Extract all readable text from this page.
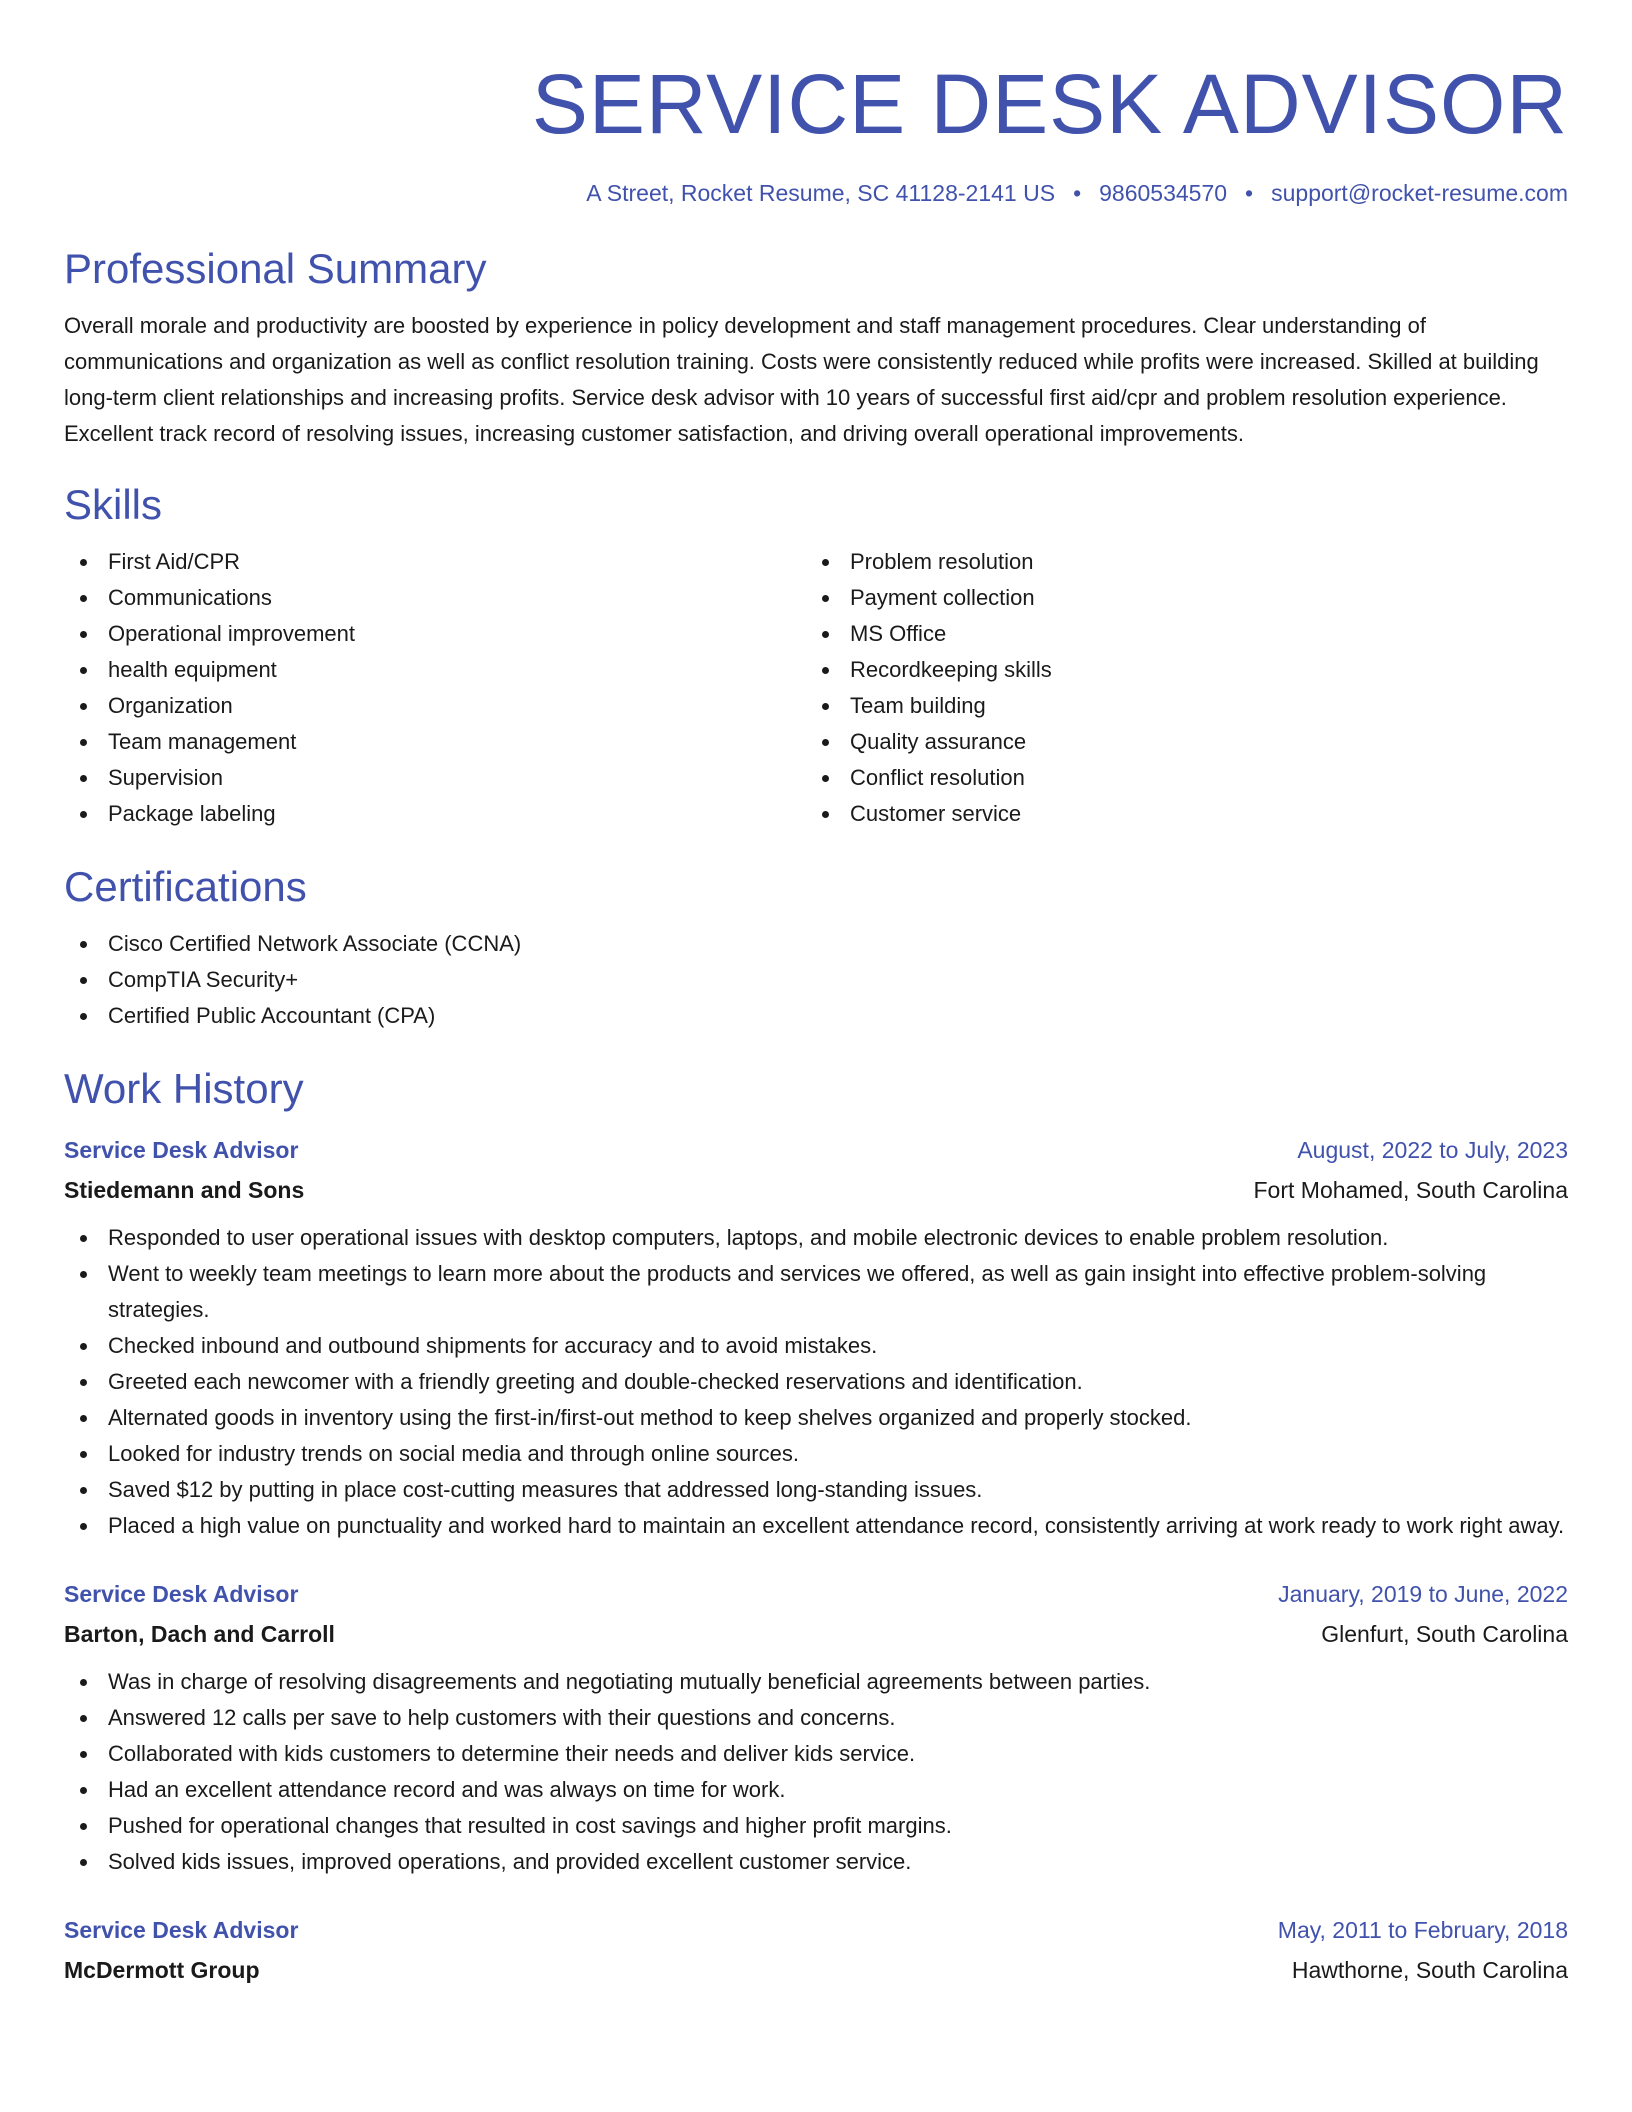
SERVICE DESK ADVISOR
A Street, Rocket Resume, SC 41128-2141 US • 9860534570 • support@rocket-resume.com
Professional Summary

Overall morale and productivity are boosted by experience in policy development and staff management procedures. Clear understanding of communications and organization as well as conflict resolution training. Costs were consistently reduced while profits were increased. Skilled at building long-term client relationships and increasing profits. Service desk advisor with 10 years of successful first aid/cpr and problem resolution experience. Excellent track record of resolving issues, increasing customer satisfaction, and driving overall operational improvements.

Skills
First Aid/CPR
Communications
Operational improvement
health equipment
Organization
Team management
Supervision
Package labeling
Problem resolution
Payment collection
MS Office
Recordkeeping skills
Team building
Quality assurance
Conflict resolution
Customer service
Certifications
Cisco Certified Network Associate (CCNA)
CompTIA Security+
Certified Public Accountant (CPA)
Work History
Service Desk Advisor	August, 2022 to July, 2023
Stiedemann and Sons	Fort Mohamed, South Carolina
Responded to user operational issues with desktop computers, laptops, and mobile electronic devices to enable problem resolution.
Went to weekly team meetings to learn more about the products and services we offered, as well as gain insight into effective problem-solving strategies.
Checked inbound and outbound shipments for accuracy and to avoid mistakes.
Greeted each newcomer with a friendly greeting and double-checked reservations and identification.
Alternated goods in inventory using the first-in/first-out method to keep shelves organized and properly stocked.
Looked for industry trends on social media and through online sources.
Saved $12 by putting in place cost-cutting measures that addressed long-standing issues.
Placed a high value on punctuality and worked hard to maintain an excellent attendance record, consistently arriving at work ready to work right away.
Service Desk Advisor	January, 2019 to June, 2022
Barton, Dach and Carroll	Glenfurt, South Carolina
Was in charge of resolving disagreements and negotiating mutually beneficial agreements between parties.
Answered 12 calls per save to help customers with their questions and concerns.
Collaborated with kids customers to determine their needs and deliver kids service.
Had an excellent attendance record and was always on time for work.
Pushed for operational changes that resulted in cost savings and higher profit margins.
Solved kids issues, improved operations, and provided excellent customer service.
Service Desk Advisor	May, 2011 to February, 2018
McDermott Group	Hawthorne, South Carolina
